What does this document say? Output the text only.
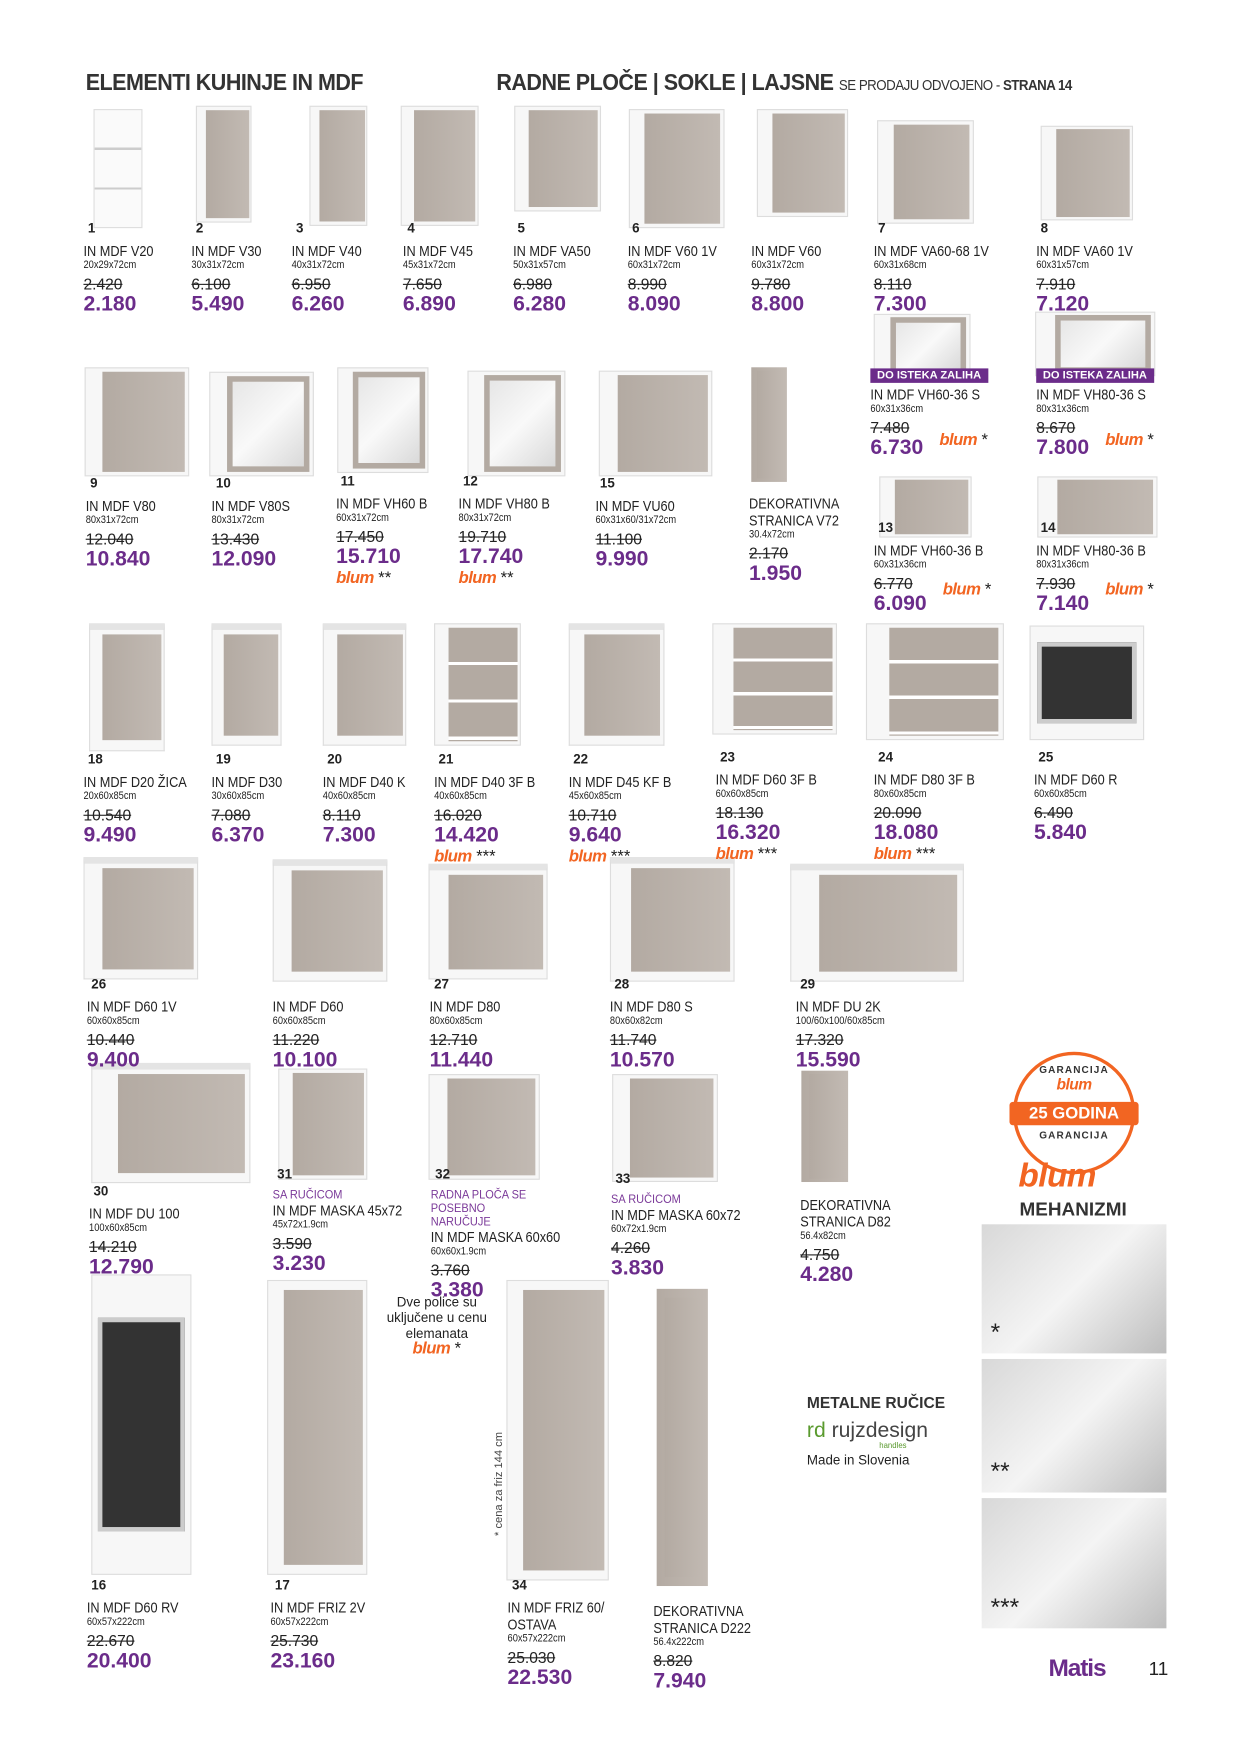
ELEMENTI KUHINJE IN MDF	RADNE PLOČE | SOKLE | LAJSNE SE PRODAJU ODVOJENO - STRANA 14
1
IN MDF V20
20x29x72cm
2.420
2.180
2
IN MDF V30
30x31x72cm
6.100
5.490
3
IN MDF V40
40x31x72cm
6.950
6.260
4
IN MDF V45
45x31x72cm
7.650
6.890
5
IN MDF VA50
50x31x57cm
6.980
6.280
6
IN MDF V60 1V
60x31x72cm
8.990
8.090
IN MDF V60
60x31x72cm
9.780
8.800
7
IN MDF VA60-68 1V
60x31x68cm
8.110
7.300
8
IN MDF VA60 1V
60x31x57cm
7.910
7.120
DO ISTEKA ZALIHA
IN MDF VH60-36 S
60x31x36cm
7.480
6.730	blum *
DO ISTEKA ZALIHA
IN MDF VH80-36 S
80x31x36cm
8.670
7.800	blum *
9
IN MDF V80
80x31x72cm
12.040
10.840
10
IN MDF V80S
80x31x72cm
13.430
12.090
11
IN MDF VH60 B
60x31x72cm
17.450
15.710
blum **
12
IN MDF VH80 B
80x31x72cm
19.710
17.740
blum **
15
IN MDF VU60
60x31x60/31x72cm
11.100
9.990
DEKORATIVNA STRANICA V72
30.4x72cm
2.170
1.950
13
IN MDF VH60-36 B
60x31x36cm
6.770
6.090
blum *
14
IN MDF VH80-36 B
80x31x36cm
7.930
7.140
blum *
18
IN MDF D20 ŽICA
20x60x85cm
10.540
9.490
19
IN MDF D30
30x60x85cm
7.080
6.370
20
IN MDF D40 K
40x60x85cm
8.110
7.300
21
IN MDF D40 3F B
40x60x85cm
16.020
14.420
blum ***
22
IN MDF D45 KF B
45x60x85cm
10.710
9.640
blum ***
23
IN MDF D60 3F B
60x60x85cm
18.130
16.320
blum ***
24
IN MDF D80 3F B
80x60x85cm
20.090
18.080
blum ***
25
IN MDF D60 R
60x60x85cm
6.490
5.840
26
IN MDF D60 1V
60x60x85cm
10.440
9.400
IN MDF D60
60x60x85cm
11.220
10.100
27
IN MDF D80
80x60x85cm
12.710
11.440
28
IN MDF D80 S
80x60x82cm
11.740
10.570
29
IN MDF DU 2K
100/60x100/60x85cm
17.320
15.590
30
IN MDF DU 100
100x60x85cm
14.210
12.790
31
SA RUČICOM
IN MDF MASKA 45x72
45x72x1.9cm
3.590
3.230
32
RADNA PLOČA SE POSEBNO NARUČUJE
IN MDF MASKA 60x60
60x60x1.9cm
3.760
3.380
33
SA RUČICOM
IN MDF MASKA 60x72
60x72x1.9cm
4.260
3.830
DEKORATIVNA STRANICA D82
56.4x82cm
4.750
4.280
16
IN MDF D60 RV
60x57x222cm
22.670
20.400
17
IN MDF FRIZ 2V
60x57x222cm
25.730
23.160
34
IN MDF FRIZ 60/ OSTAVA
60x57x222cm
25.030
22.530
DEKORATIVNA STRANICA D222
56.4x222cm
8.820
7.940
Dve police su uključene u cenu elemanata
blum *
* cena za friz 144 cm
GARANCIJA
blum
25 GODINA
GARANCIJA
blum
MEHANIZMI
*
**
***
METALNE RUČICE
rd rujzdesign
handles
Made in Slovenia
Matis	11
